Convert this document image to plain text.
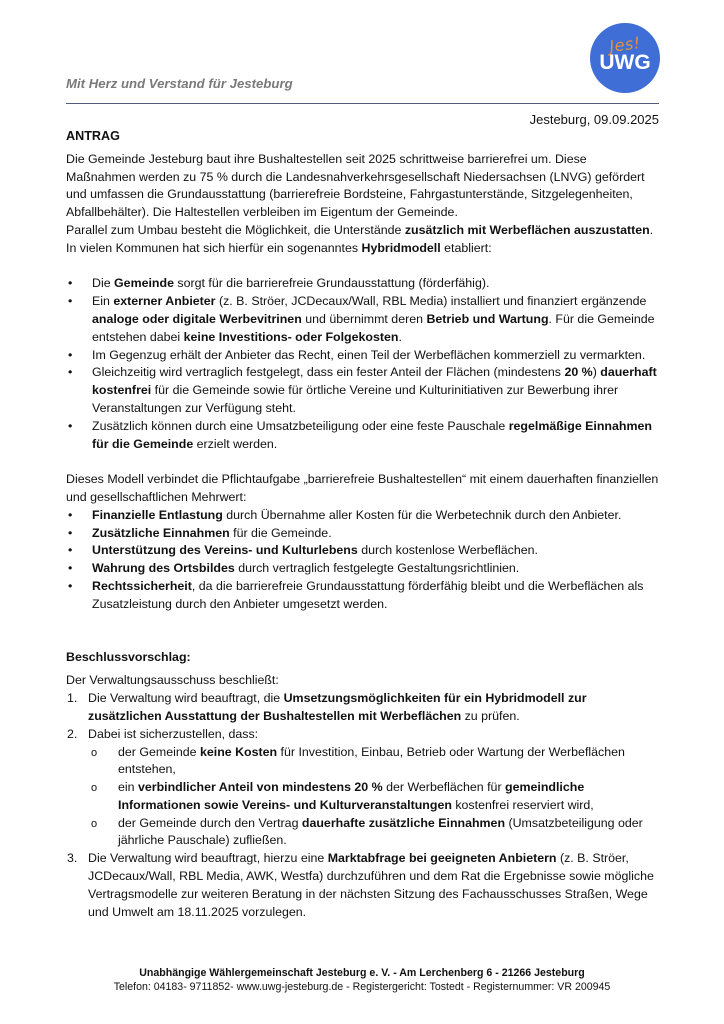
Jes!
UWG
Mit Herz und Verstand für Jesteburg
Jesteburg, 09.09.2025

ANTRAG

Die Gemeinde Jesteburg baut ihre Bushaltestellen seit 2025 schrittweise barrierefrei um. Diese Maßnahmen werden zu 75 % durch die Landesnahverkehrsgesellschaft Niedersachsen (LNVG) gefördert und umfassen die Grundausstattung (barrierefreie Bordsteine, Fahrgastunterstände, Sitzgelegenheiten, Abfallbehälter). Die Haltestellen verbleiben im Eigentum der Gemeinde.

Parallel zum Umbau besteht die Möglichkeit, die Unterstände zusätzlich mit Werbeflächen auszustatten. In vielen Kommunen hat sich hierfür ein sogenanntes Hybridmodell etabliert:

• Die Gemeinde sorgt für die barrierefreie Grundausstattung (förderfähig).
• Ein externer Anbieter (z. B. Ströer, JCDecaux/Wall, RBL Media) installiert und finanziert ergänzende analoge oder digitale Werbevitrinen und übernimmt deren Betrieb und Wartung. Für die Gemeinde entstehen dabei keine Investitions- oder Folgekosten.
• Im Gegenzug erhält der Anbieter das Recht, einen Teil der Werbeflächen kommerziell zu vermarkten.
• Gleichzeitig wird vertraglich festgelegt, dass ein fester Anteil der Flächen (mindestens 20 %) dauerhaft kostenfrei für die Gemeinde sowie für örtliche Vereine und Kulturinitiativen zur Bewerbung ihrer Veranstaltungen zur Verfügung steht.
• Zusätzlich können durch eine Umsatzbeteiligung oder eine feste Pauschale regelmäßige Einnahmen für die Gemeinde erzielt werden.

Dieses Modell verbindet die Pflichtaufgabe „barrierefreie Bushaltestellen“ mit einem dauerhaften finanziellen und gesellschaftlichen Mehrwert:

• Finanzielle Entlastung durch Übernahme aller Kosten für die Werbetechnik durch den Anbieter.
• Zusätzliche Einnahmen für die Gemeinde.
• Unterstützung des Vereins- und Kulturlebens durch kostenlose Werbeflächen.
• Wahrung des Ortsbildes durch vertraglich festgelegte Gestaltungsrichtlinien.
• Rechtssicherheit, da die barrierefreie Grundausstattung förderfähig bleibt und die Werbeflächen als Zusatzleistung durch den Anbieter umgesetzt werden.

Beschlussvorschlag:

Der Verwaltungsausschuss beschließt:

1. Die Verwaltung wird beauftragt, die Umsetzungsmöglichkeiten für ein Hybridmodell zur zusätzlichen Ausstattung der Bushaltestellen mit Werbeflächen zu prüfen.
2. Dabei ist sicherzustellen, dass:
o der Gemeinde keine Kosten für Investition, Einbau, Betrieb oder Wartung der Werbeflächen entstehen,
o ein verbindlicher Anteil von mindestens 20 % der Werbeflächen für gemeindliche Informationen sowie Vereins- und Kulturveranstaltungen kostenfrei reserviert wird,
o der Gemeinde durch den Vertrag dauerhafte zusätzliche Einnahmen (Umsatzbeteiligung oder jährliche Pauschale) zufließen.
3. Die Verwaltung wird beauftragt, hierzu eine Marktabfrage bei geeigneten Anbietern (z. B. Ströer, JCDecaux/Wall, RBL Media, AWK, Westfa) durchzuführen und dem Rat die Ergebnisse sowie mögliche Vertragsmodelle zur weiteren Beratung in der nächsten Sitzung des Fachausschusses Straßen, Wege und Umwelt am 18.11.2025 vorzulegen.
Unabhängige Wählergemeinschaft Jesteburg e. V. - Am Lerchenberg 6 - 21266 Jesteburg
Telefon: 04183- 9711852- www.uwg-jesteburg.de - Registergericht: Tostedt - Registernummer: VR 200945
